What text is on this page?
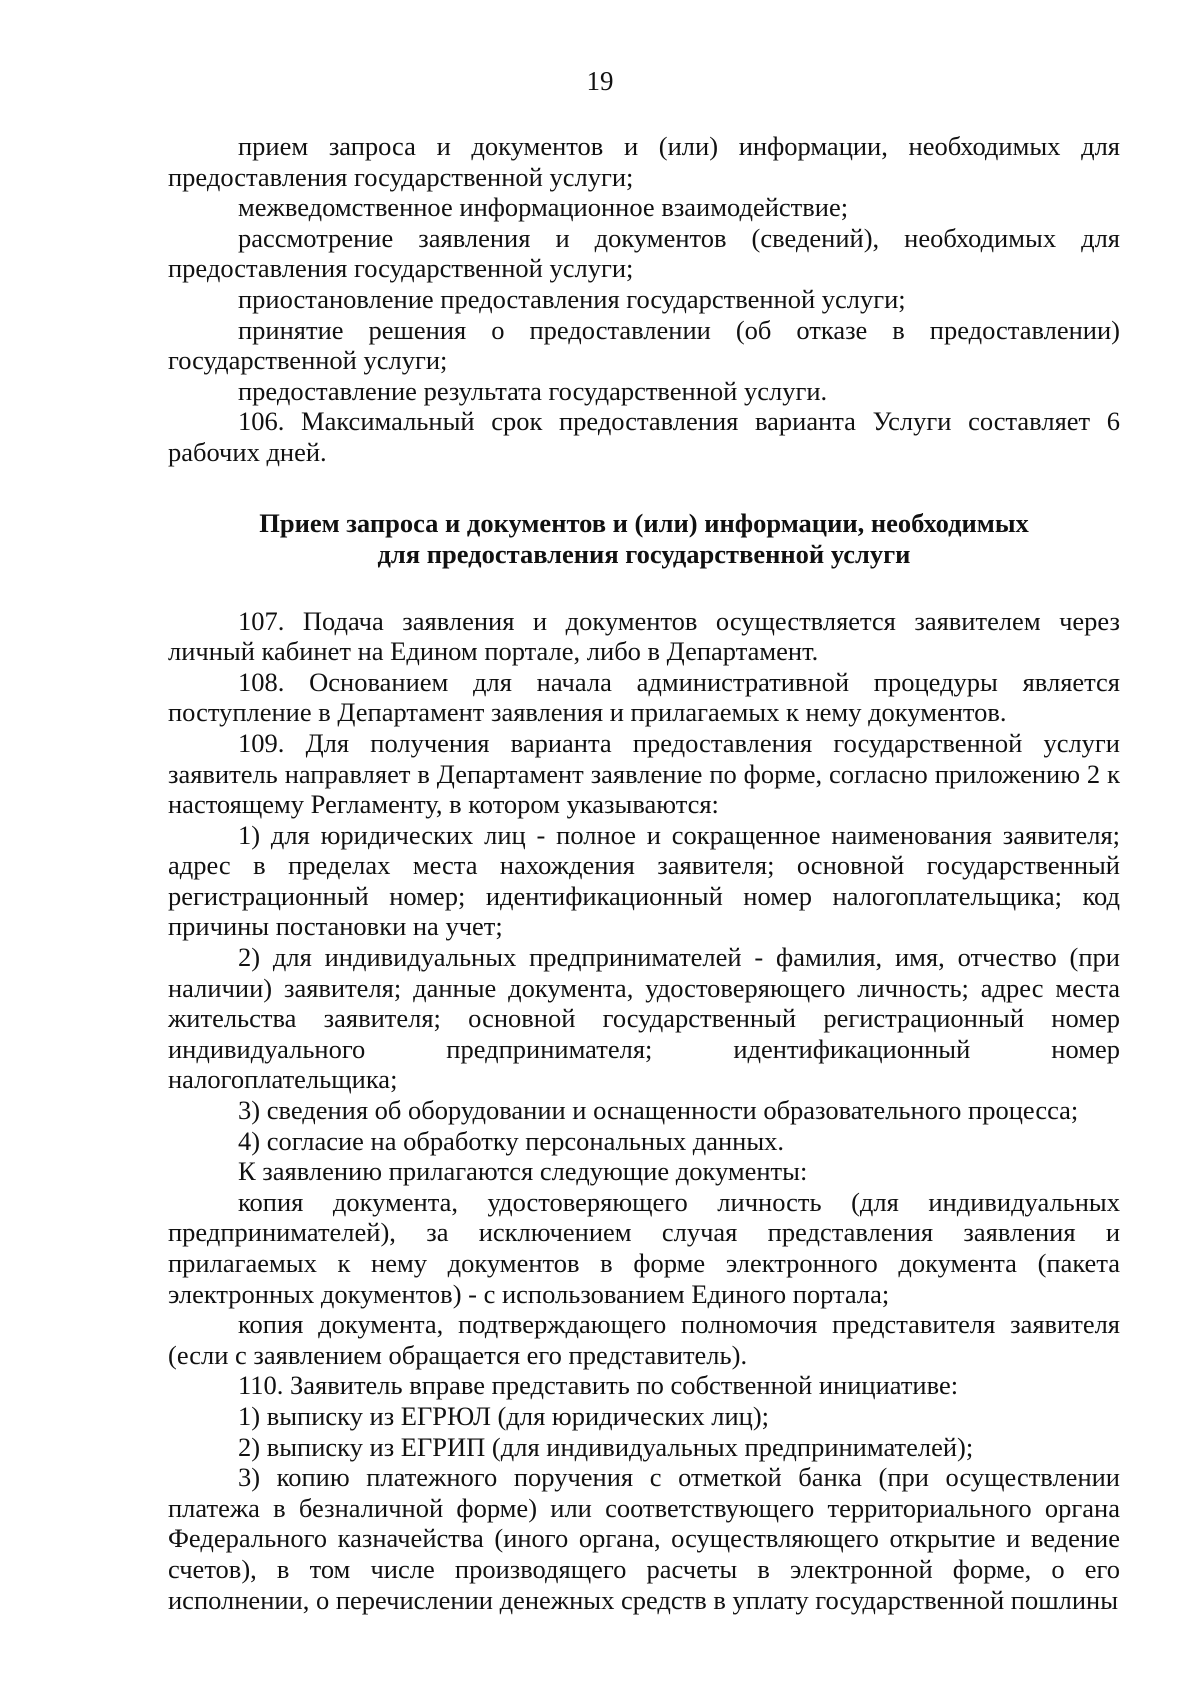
19

прием запроса и документов и (или) информации, необходимых для предоставления государственной услуги;

межведомственное информационное взаимодействие;

рассмотрение заявления и документов (сведений), необходимых для предоставления государственной услуги;

приостановление предоставления государственной услуги;

принятие решения о предоставлении (об отказе в предоставлении) государственной услуги;

предоставление результата государственной услуги.

106. Максимальный срок предоставления варианта Услуги составляет 6 рабочих дней.

Прием запроса и документов и (или) информации, необходимых
для предоставления государственной услуги

107. Подача заявления и документов осуществляется заявителем через личный кабинет на Едином портале, либо в Департамент.

108. Основанием для начала административной процедуры является поступление в Департамент заявления и прилагаемых к нему документов.

109. Для получения варианта предоставления государственной услуги заявитель направляет в Департамент заявление по форме, согласно приложению 2 к настоящему Регламенту, в котором указываются:

1) для юридических лиц - полное и сокращенное наименования заявителя; адрес в пределах места нахождения заявителя; основной государственный регистрационный номер; идентификационный номер налогоплательщика; код причины постановки на учет;

2) для индивидуальных предпринимателей - фамилия, имя, отчество (при наличии) заявителя; данные документа, удостоверяющего личность; адрес места жительства заявителя; основной государственный регистрационный номер индивидуального предпринимателя; идентификационный номер налогоплательщика;

3) сведения об оборудовании и оснащенности образовательного процесса;

4) согласие на обработку персональных данных.

К заявлению прилагаются следующие документы:

копия документа, удостоверяющего личность (для индивидуальных предпринимателей), за исключением случая представления заявления и прилагаемых к нему документов в форме электронного документа (пакета электронных документов) - с использованием Единого портала;

копия документа, подтверждающего полномочия представителя заявителя (если с заявлением обращается его представитель).

110. Заявитель вправе представить по собственной инициативе:

1) выписку из ЕГРЮЛ (для юридических лиц);

2) выписку из ЕГРИП (для индивидуальных предпринимателей);

3) копию платежного поручения с отметкой банка (при осуществлении платежа в безналичной форме) или соответствующего территориального органа Федерального казначейства (иного органа, осуществляющего открытие и ведение счетов), в том числе производящего расчеты в электронной форме, о его исполнении, о перечислении денежных средств в уплату государственной пошлины
